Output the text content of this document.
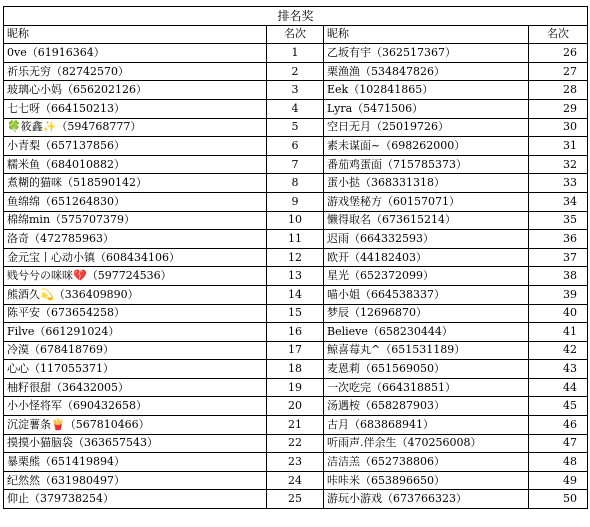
排名奖			
昵称	名次	昵称	名次
0ve（61916364）	1	乙坂有宇（362517367）	26
祈乐无穷（82742570）	2	栗渔渔（534847826）	27
玻璃心小妈（656202126）	3	Eek（102841865）	28
七七呀（664150213）	4	Lyra（5471506）	29
🍀筱鑫✨（594768777）	5	空日无月（25019726）	30
小青梨（657137856）	6	素未谋面~（698262000）	31
糯米鱼（684010882）	7	番茄鸡蛋面（715785373）	32
煮糊的猫咪（518590142）	8	蛋小挞（368331318）	33
鱼绵绵（651264830）	9	游戏堡秘方（60157071）	34
棉绵min（575707379）	10	懒得取名（673615214）	35
洛奇（472785963）	11	迟雨（664332593）	36
金元宝丨心动小镇（608434106）	12	欧开（44182403）	37
贱兮兮の咪咪💔（597724536）	13	星光（652372099）	38
熊酒久💫（336409890）	14	喵小姐（664538337）	39
陈平安（673654258）	15	梦辰（12696870）	40
Filve（661291024）	16	Believe（658230444）	41
冷漠（678418769）	17	鲸喜莓丸^（651531189）	42
心心（117055371）	18	麦恩莉（651569050）	43
柚籽很甜（36432005）	19	一次吃完（664318851）	44
小小怪将军（690432658）	20	汤遇桉（658287903）	45
沉淀薯条🍟（567810466）	21	古月（683868941）	46
摸摸小猫脑袋（363657543）	22	听雨声.伴余生（470256008）	47
暴栗熊（651419894）	23	洁洁羔（652738806）	48
纪然然（631980497）	24	咔咔米（653896650）	49
仰止（379738254）	25	游玩小游戏（673766323）	50
